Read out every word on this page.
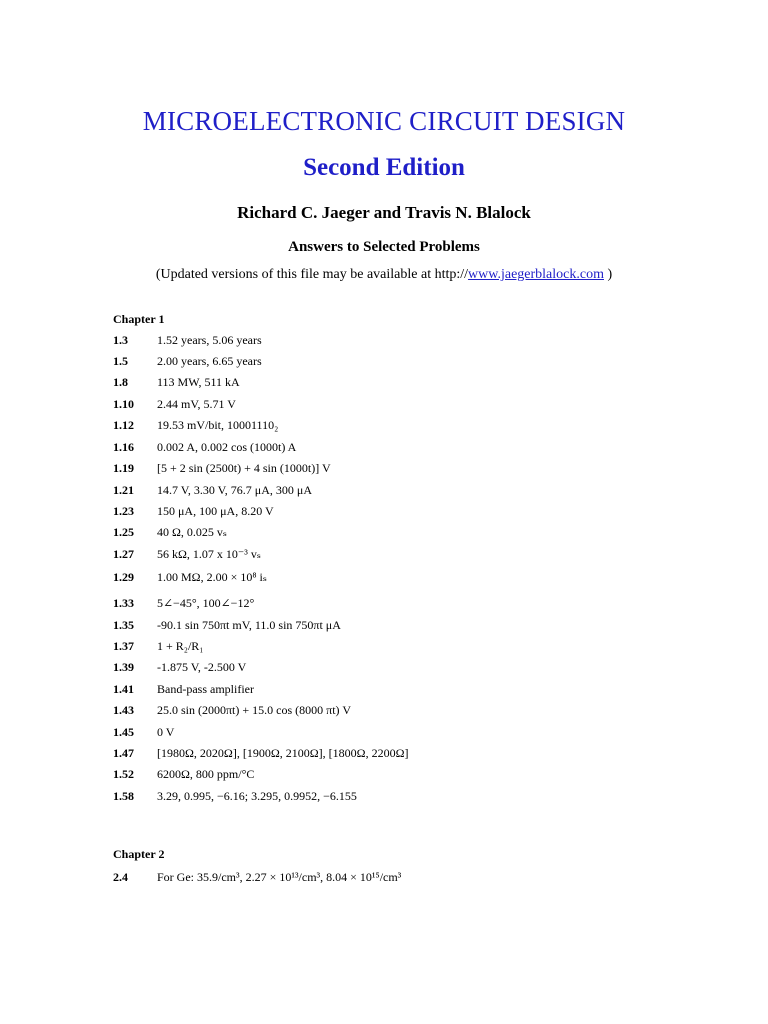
MICROELECTRONIC CIRCUIT DESIGN
Second Edition
Richard C. Jaeger and Travis N. Blalock
Answers to Selected Problems
(Updated versions of this file may be available at http://www.jaegerblalock.com )
Chapter 1
1.3 1.52 years, 5.06 years
1.5 2.00 years, 6.65 years
1.8 113 MW, 511 kA
1.10 2.44 mV, 5.71 V
1.12 19.53 mV/bit, 10001110₂
1.16 0.002 A, 0.002 cos (1000t) A
1.19 [5 + 2 sin (2500t) + 4 sin (1000t)] V
1.21 14.7 V, 3.30 V, 76.7 μA, 300 μA
1.23 150 μA, 100 μA, 8.20 V
1.25 40 Ω, 0.025 vₛ
1.27 56 kΩ, 1.07 x 10⁻³ vₛ
1.29 1.00 MΩ, 2.00 × 10⁸ iₛ
1.33 5∠−45°, 100∠−12°
1.35 -90.1 sin 750πt mV, 11.0 sin 750πt μA
1.37 1 + R₂/R₁
1.39 -1.875 V, -2.500 V
1.41 Band-pass amplifier
1.43 25.0 sin (2000πt) + 15.0 cos (8000 πt) V
1.45 0 V
1.47 [1980Ω, 2020Ω], [1900Ω, 2100Ω], [1800Ω, 2200Ω]
1.52 6200Ω, 800 ppm/°C
1.58 3.29, 0.995, −6.16; 3.295, 0.9952, −6.155
Chapter 2
2.4 For Ge: 35.9/cm³, 2.27 × 10¹³/cm³, 8.04 × 10¹⁵/cm³
